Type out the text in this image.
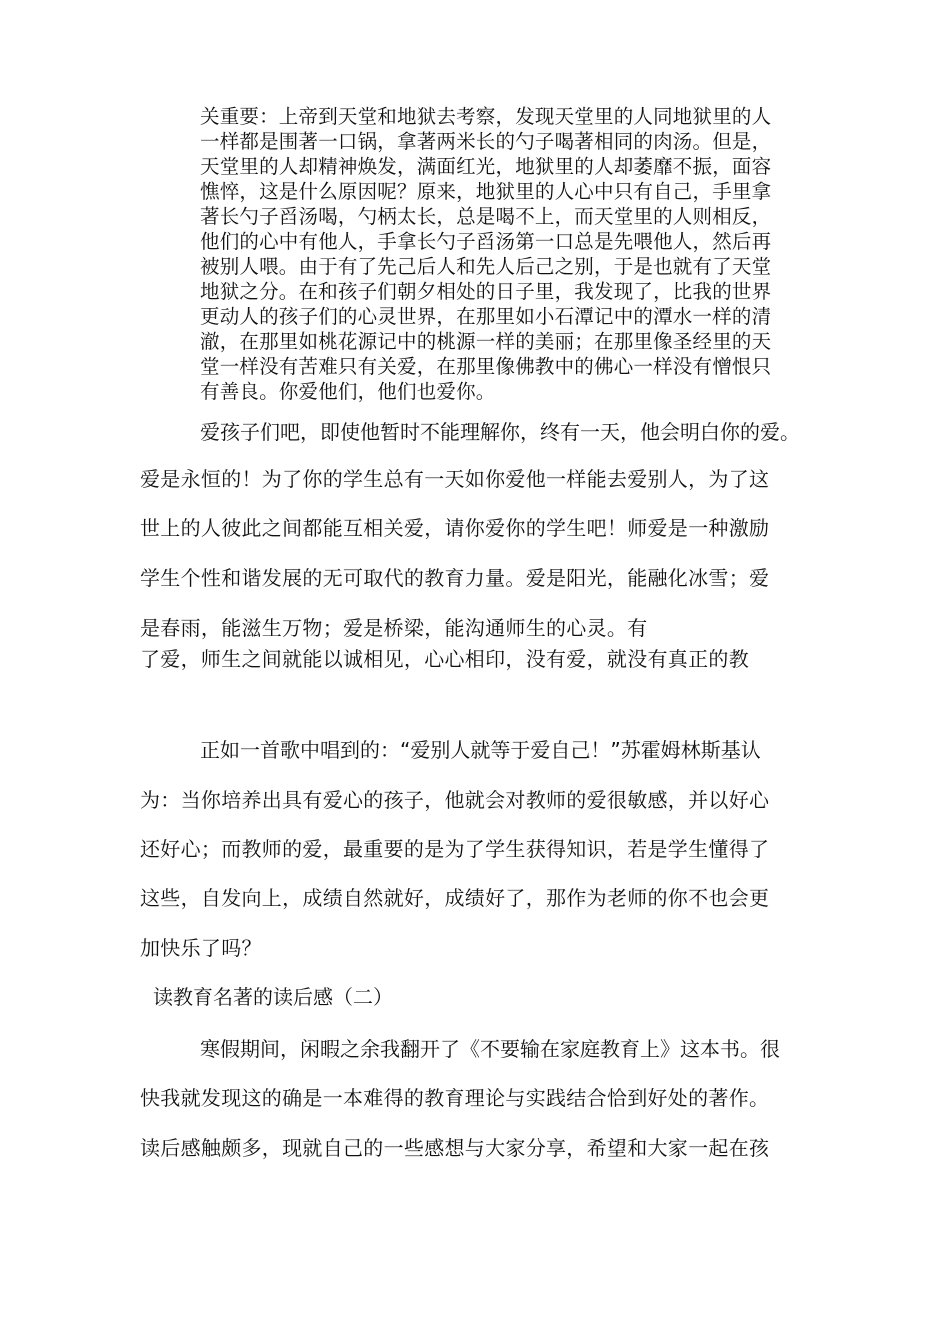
关重要：上帝到天堂和地狱去考察，发现天堂里的人同地狱里的人
一样都是围著一口锅，拿著两米长的勺子喝著相同的肉汤。但是，
天堂里的人却精神焕发，满面红光，地狱里的人却萎靡不振，面容
憔悴，这是什么原因呢？原来，地狱里的人心中只有自己，手里拿
著长勺子舀汤喝，勺柄太长，总是喝不上，而天堂里的人则相反，
他们的心中有他人，手拿长勺子舀汤第一口总是先喂他人，然后再
被别人喂。由于有了先己后人和先人后己之别，于是也就有了天堂
地狱之分。在和孩子们朝夕相处的日子里，我发现了，比我的世界
更动人的孩子们的心灵世界，在那里如小石潭记中的潭水一样的清
澈，在那里如桃花源记中的桃源一样的美丽；在那里像圣经里的天
堂一样没有苦难只有关爱，在那里像佛教中的佛心一样没有憎恨只
有善良。你爱他们，他们也爱你。
爱孩子们吧，即使他暂时不能理解你，终有一天，他会明白你的爱。
爱是永恒的！为了你的学生总有一天如你爱他一样能去爱别人，为了这
世上的人彼此之间都能互相关爱，请你爱你的学生吧！师爱是一种激励
学生个性和谐发展的无可取代的教育力量。爱是阳光，能融化冰雪；爱
是春雨，能滋生万物；爱是桥梁，能沟通师生的心灵。有
了爱，师生之间就能以诚相见，心心相印，没有爱，就没有真正的教
正如一首歌中唱到的：“爱别人就等于爱自己！”苏霍姆林斯基认
为：当你培养出具有爱心的孩子，他就会对教师的爱很敏感，并以好心
还好心；而教师的爱，最重要的是为了学生获得知识，若是学生懂得了
这些，自发向上，成绩自然就好，成绩好了，那作为老师的你不也会更
加快乐了吗？
读教育名著的读后感（二）
寒假期间，闲暇之余我翻开了《不要输在家庭教育上》这本书。很
快我就发现这的确是一本难得的教育理论与实践结合恰到好处的著作。
读后感触颇多，现就自己的一些感想与大家分享，希望和大家一起在孩
